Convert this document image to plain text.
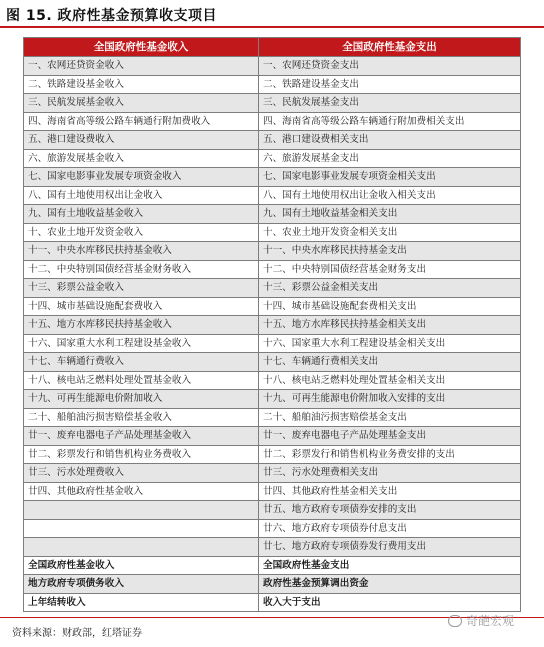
图 15. 政府性基金预算收支项目
全国政府性基金收入	全国政府性基金支出
一、农网还贷资金收入	一、农网还贷资金支出
二、铁路建设基金收入	二、铁路建设基金支出
三、民航发展基金收入	三、民航发展基金支出
四、海南省高等级公路车辆通行附加费收入	四、海南省高等级公路车辆通行附加费相关支出
五、港口建设费收入	五、港口建设费相关支出
六、旅游发展基金收入	六、旅游发展基金支出
七、国家电影事业发展专项资金收入	七、国家电影事业发展专项资金相关支出
八、国有土地使用权出让金收入	八、国有土地使用权出让金收入相关支出
九、国有土地收益基金收入	九、国有土地收益基金相关支出
十、农业土地开发资金收入	十、农业土地开发资金相关支出
十一、中央水库移民扶持基金收入	十一、中央水库移民扶持基金支出
十二、中央特别国债经营基金财务收入	十二、中央特别国债经营基金财务支出
十三、彩票公益金收入	十三、彩票公益金相关支出
十四、城市基础设施配套费收入	十四、城市基础设施配套费相关支出
十五、地方水库移民扶持基金收入	十五、地方水库移民扶持基金相关支出
十六、国家重大水利工程建设基金收入	十六、国家重大水利工程建设基金相关支出
十七、车辆通行费收入	十七、车辆通行费相关支出
十八、核电站乏燃料处理处置基金收入	十八、核电站乏燃料处理处置基金相关支出
十九、可再生能源电价附加收入	十九、可再生能源电价附加收入安排的支出
二十、船舶油污损害赔偿基金收入	二十、船舶油污损害赔偿基金支出
廿一、废弃电器电子产品处理基金收入	廿一、废弃电器电子产品处理基金支出
廿二、彩票发行和销售机构业务费收入	廿二、彩票发行和销售机构业务费安排的支出
廿三、污水处理费收入	廿三、污水处理费相关支出
廿四、其他政府性基金收入	廿四、其他政府性基金相关支出
	廿五、地方政府专项债券安排的支出
	廿六、地方政府专项债券付息支出
	廿七、地方政府专项债券发行费用支出
全国政府性基金收入	全国政府性基金支出
地方政府专项债务收入	政府性基金预算调出资金
上年结转收入	收入大于支出
资料来源：财政部，红塔证券
奇葩宏观
